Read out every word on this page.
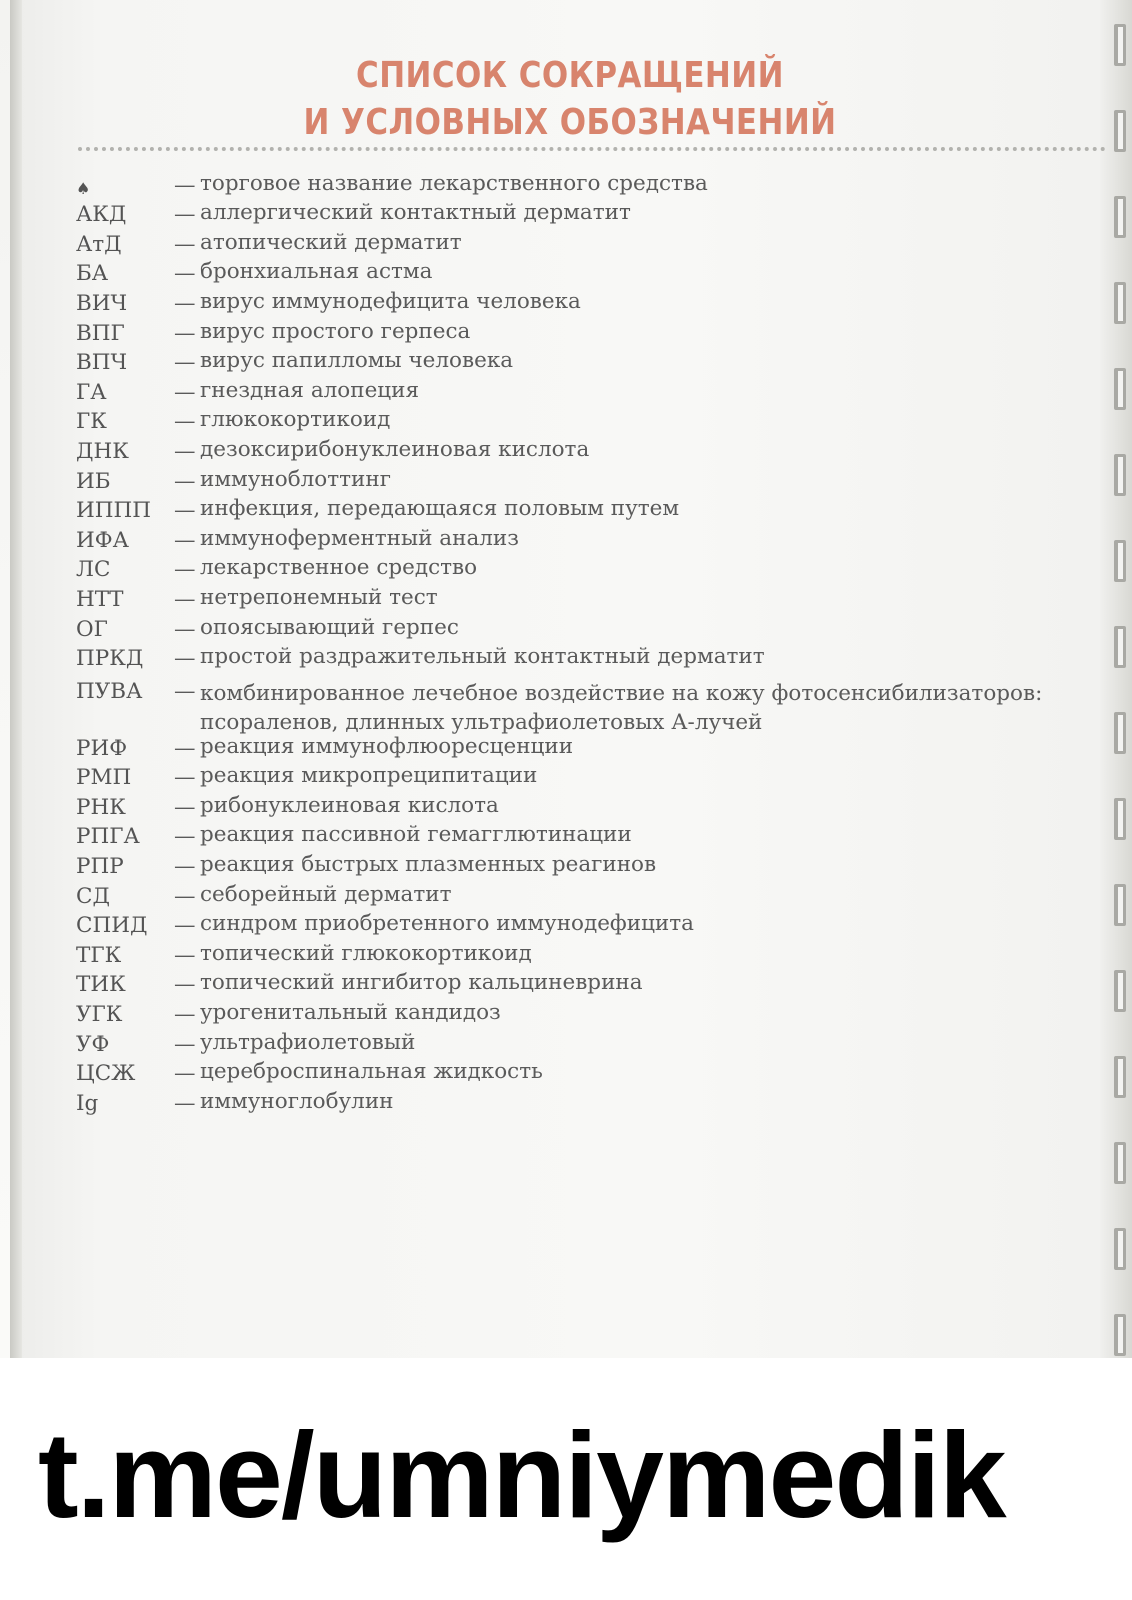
СПИСОК СОКРАЩЕНИЙ
И УСЛОВНЫХ ОБОЗНАЧЕНИЙ
♠	— торговое название лекарственного средства
АКД	— аллергический контактный дерматит
АтД	— атопический дерматит
БА	— бронхиальная астма
ВИЧ	— вирус иммунодефицита человека
ВПГ	— вирус простого герпеса
ВПЧ	— вирус папилломы человека
ГА	— гнездная алопеция
ГК	— глюкокортикоид
ДНК	— дезоксирибонуклеиновая кислота
ИБ	— иммуноблоттинг
ИППП	— инфекция, передающаяся половым путем
ИФА	— иммуноферментный анализ
ЛС	— лекарственное средство
НТТ	— нетрепонемный тест
ОГ	— опоясывающий герпес
ПРКД	— простой раздражительный контактный дерматит
ПУВА	— комбинированное лечебное воздействие на кожу фотосенсибилизаторов: псораленов, длинных ультрафиолетовых А-лучей
РИФ	— реакция иммунофлюоресценции
РМП	— реакция микропреципитации
РНК	— рибонуклеиновая кислота
РПГА	— реакция пассивной гемагглютинации
РПР	— реакция быстрых плазменных реагинов
СД	— себорейный дерматит
СПИД	— синдром приобретенного иммунодефицита
ТГК	— топический глюкокортикоид
ТИК	— топический ингибитор кальциневрина
УГК	— урогенитальный кандидоз
УФ	— ультрафиолетовый
ЦСЖ	— цереброспинальная жидкость
Ig	— иммуноглобулин
t.me/umniymedik
